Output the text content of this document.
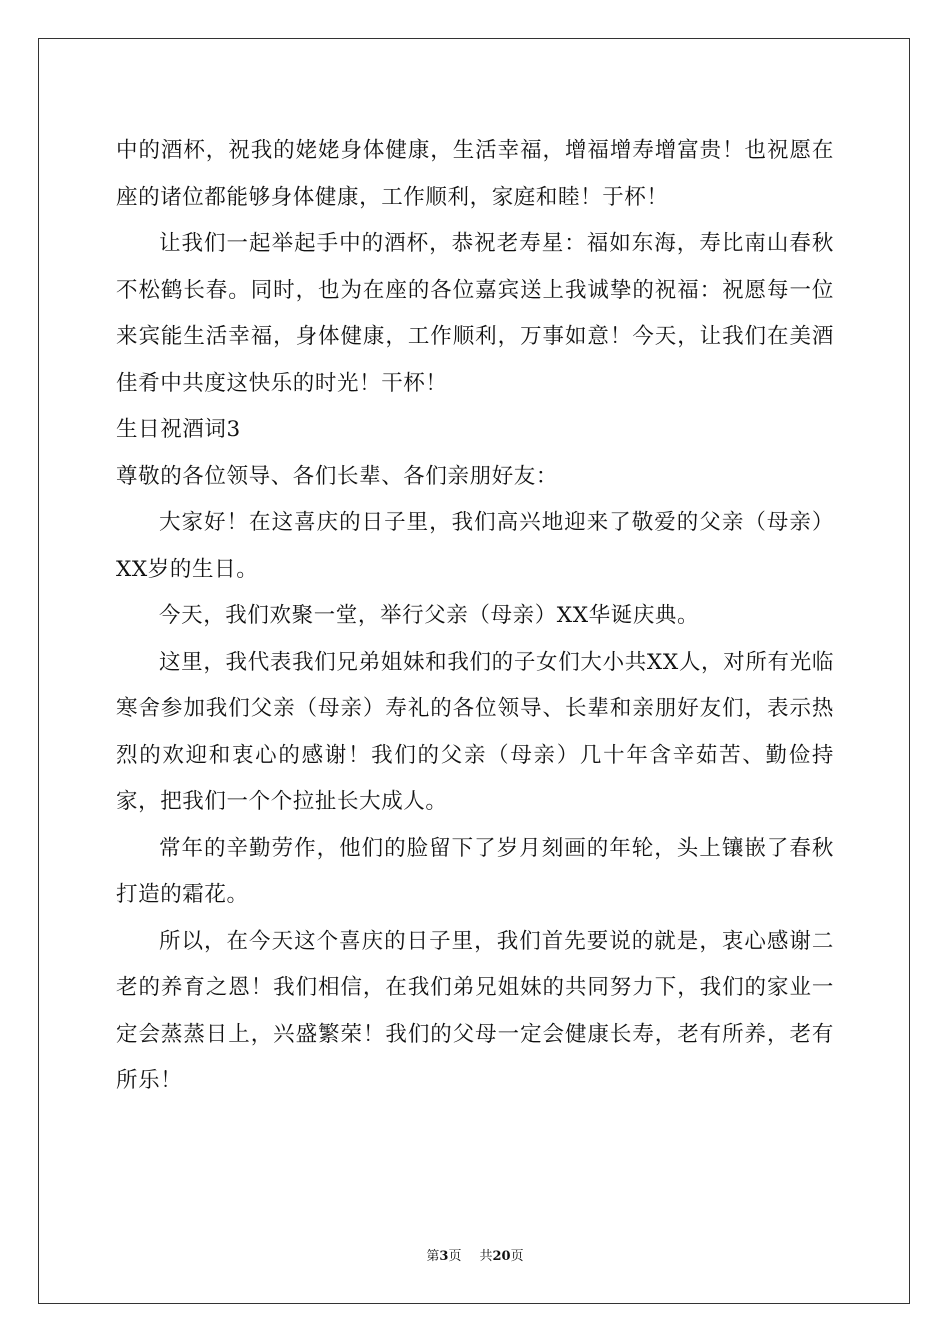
中的酒杯，祝我的姥姥身体健康，生活幸福，增福增寿增富贵！也祝愿在座的诸位都能够身体健康，工作顺利，家庭和睦！于杯！

让我们一起举起手中的酒杯，恭祝老寿星：福如东海，寿比南山春秋不松鹤长春。同时，也为在座的各位嘉宾送上我诚挚的祝福：祝愿每一位来宾能生活幸福，身体健康，工作顺利，万事如意！今天，让我们在美酒佳肴中共度这快乐的时光！干杯！

生日祝酒词3

尊敬的各位领导、各们长辈、各们亲朋好友：

大家好！在这喜庆的日子里，我们高兴地迎来了敬爱的父亲（母亲）XX岁的生日。

今天，我们欢聚一堂，举行父亲（母亲）XX华诞庆典。

这里，我代表我们兄弟姐妹和我们的子女们大小共XX人，对所有光临寒舍参加我们父亲（母亲）寿礼的各位领导、长辈和亲朋好友们，表示热烈的欢迎和衷心的感谢！我们的父亲（母亲）几十年含辛茹苦、勤俭持家，把我们一个个拉扯长大成人。

常年的辛勤劳作，他们的脸留下了岁月刻画的年轮，头上镶嵌了春秋打造的霜花。

所以，在今天这个喜庆的日子里，我们首先要说的就是，衷心感谢二老的养育之恩！我们相信，在我们弟兄姐妹的共同努力下，我们的家业一定会蒸蒸日上，兴盛繁荣！我们的父母一定会健康长寿，老有所养，老有所乐！

第3页 共20页
